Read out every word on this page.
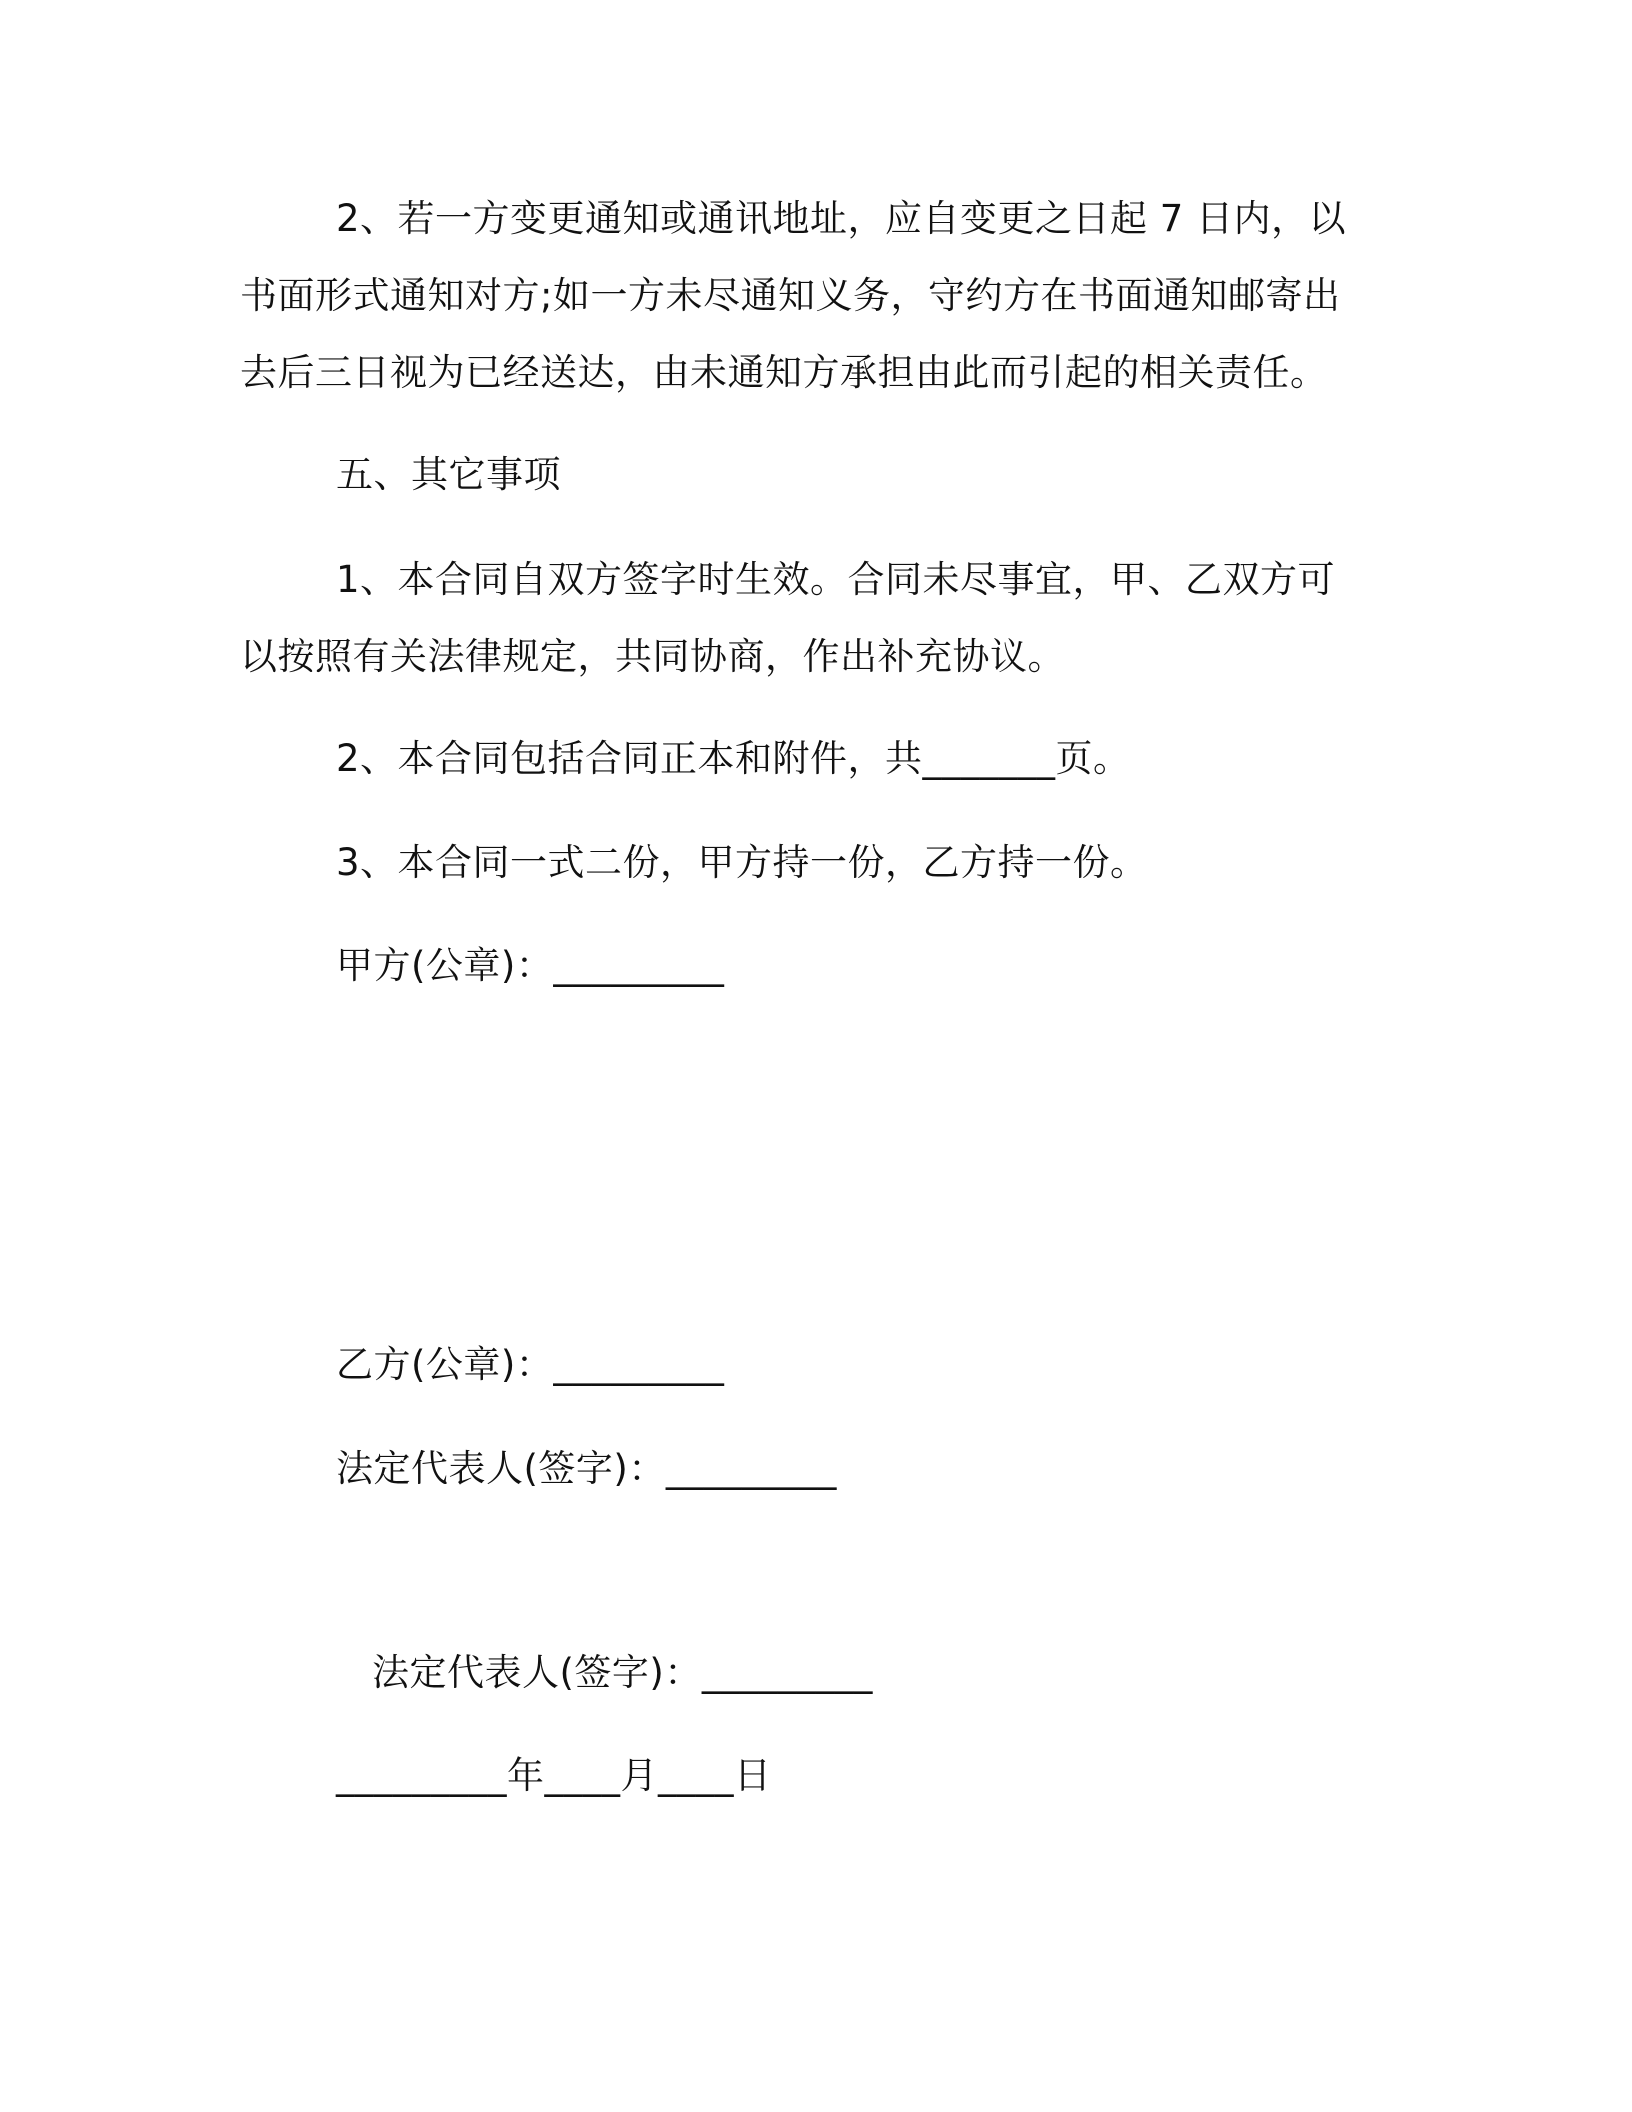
2、若一方变更通知或通讯地址，应自变更之日起 7 日内，以书面形式通知对方;如一方未尽通知义务，守约方在书面通知邮寄出去后三日视为已经送达，由未通知方承担由此而引起的相关责任。

五、其它事项

1、本合同自双方签字时生效。合同未尽事宜，甲、乙双方可以按照有关法律规定，共同协商，作出补充协议。

2、本合同包括合同正本和附件，共_______页。

3、本合同一式二份，甲方持一份，乙方持一份。

甲方(公章)：_________

乙方(公章)：_________

法定代表人(签字)：_________

法定代表人(签字)：_________

_________年____月____日
